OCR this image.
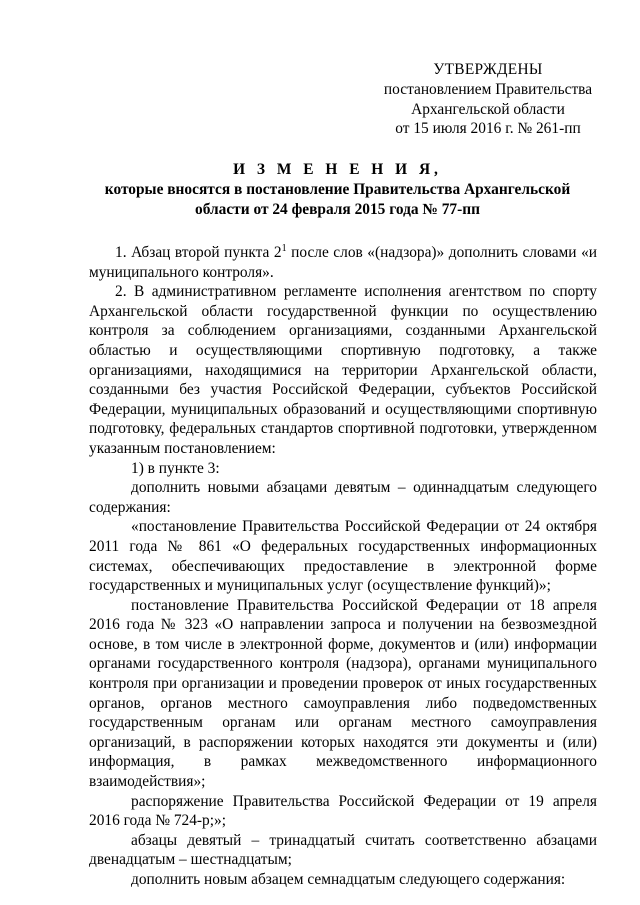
УТВЕРЖДЕНЫ
постановлением Правительства
Архангельской области
от 15 июля 2016 г. № 261-пп
И З М Е Н Е Н И Я,
которые вносятся в постановление Правительства Архангельской
области от 24 февраля 2015 года № 77-пп

1. Абзац второй пункта $2^1$ после слов «(надзора)» дополнить словами «и муниципального контроля».

2. В административном регламенте исполнения агентством по спорту Архангельской области государственной функции по осуществлению контроля за соблюдением организациями, созданными Архангельской областью и осуществляющими спортивную подготовку, а также организациями, находящимися на территории Архангельской области, созданными без участия Российской Федерации, субъектов Российской Федерации, муниципальных образований и осуществляющими спортивную подготовку, федеральных стандартов спортивной подготовки, утвержденном указанным постановлением:

1) в пункте 3:

дополнить новыми абзацами девятым – одиннадцатым следующего содержания:

«постановление Правительства Российской Федерации от 24 октября 2011 года № 861 «О федеральных государственных информационных системах, обеспечивающих предоставление в электронной форме государственных и муниципальных услуг (осуществление функций)»;

постановление Правительства Российской Федерации от 18 апреля 2016 года № 323 «О направлении запроса и получении на безвозмездной основе, в том числе в электронной форме, документов и (или) информации органами государственного контроля (надзора), органами муниципального контроля при организации и проведении проверок от иных государственных органов, органов местного самоуправления либо подведомственных государственным органам или органам местного самоуправления организаций, в распоряжении которых находятся эти документы и (или) информация, в рамках межведомственного информационного взаимодействия»;

распоряжение Правительства Российской Федерации от 19 апреля 2016 года № 724-р;»;

абзацы девятый – тринадцатый считать соответственно абзацами двенадцатым – шестнадцатым;

дополнить новым абзацем семнадцатым следующего содержания:
